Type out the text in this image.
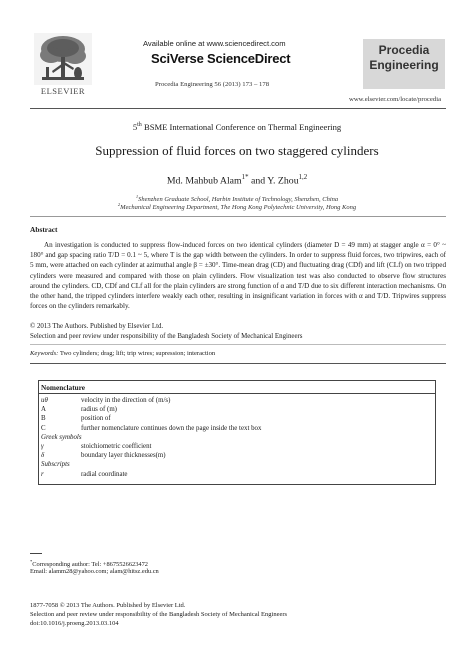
ELSEVIER
Available online at www.sciencedirect.com
SciVerse ScienceDirect
Procedia Engineering 56 (2013) 173 – 178
Procedia
Engineering
www.elsevier.com/locate/procedia
5th BSME International Conference on Thermal Engineering
Suppression of fluid forces on two staggered cylinders
Md. Mahbub Alam$^{1*}$ and Y. Zhou$^{1,2}$
$^1$Shenzhen Graduate School, Harbin Institute of Technology, Shenzhen, China
$^2$Mechanical Engineering Department, The Hong Kong Polytechnic University, Hong Kong
Abstract
An investigation is conducted to suppress flow-induced forces on two identical cylinders (diameter D = 49 mm) at stagger angle α = 0° ~ 180° and gap spacing ratio T/D = 0.1 ~ 5, where T is the gap width between the cylinders. In order to suppress fluid forces, two tripwires, each of 5 mm, were attached on each cylinder at azimuthal angle β = ±30°. Time-mean drag (CD) and fluctuating drag (CDf) and lift (CLf) on two tripped cylinders were measured and compared with those on plain cylinders. Flow visualization test was also conducted to observe flow structures around the cylinders. CD, CDf and CLf all for the plain cylinders are strong function of α and T/D due to six different interaction mechanisms. On the other hand, the tripped cylinders interfere weakly each other, resulting in insignificant variation in forces with α and T/D. Tripwires suppress forces on the cylinders remarkably.
© 2013 The Authors. Published by Elsevier Ltd.
Selection and peer review under responsibility of the Bangladesh Society of Mechanical Engineers
Keywords: Two cylinders; drag; lift; trip wires; supression; interaction
Nomenclature
uθ	velocity in the direction of (m/s)
A	radius of (m)
B	position of
C	further nomenclature continues down the page inside the text box
Greek symbols
γ	stoichiometric coefficient
δ	boundary layer thicknesses(m)
Subscripts
r	radial coordinate
*Corresponding author: Tel: +8675526623472
Email: alamm28@yahoo.com; alam@hitsz.edu.cn
1877-7058 © 2013 The Authors. Published by Elsevier Ltd.
Selection and peer review under responsibility of the Bangladesh Society of Mechanical Engineers
doi:10.1016/j.proeng.2013.03.104
